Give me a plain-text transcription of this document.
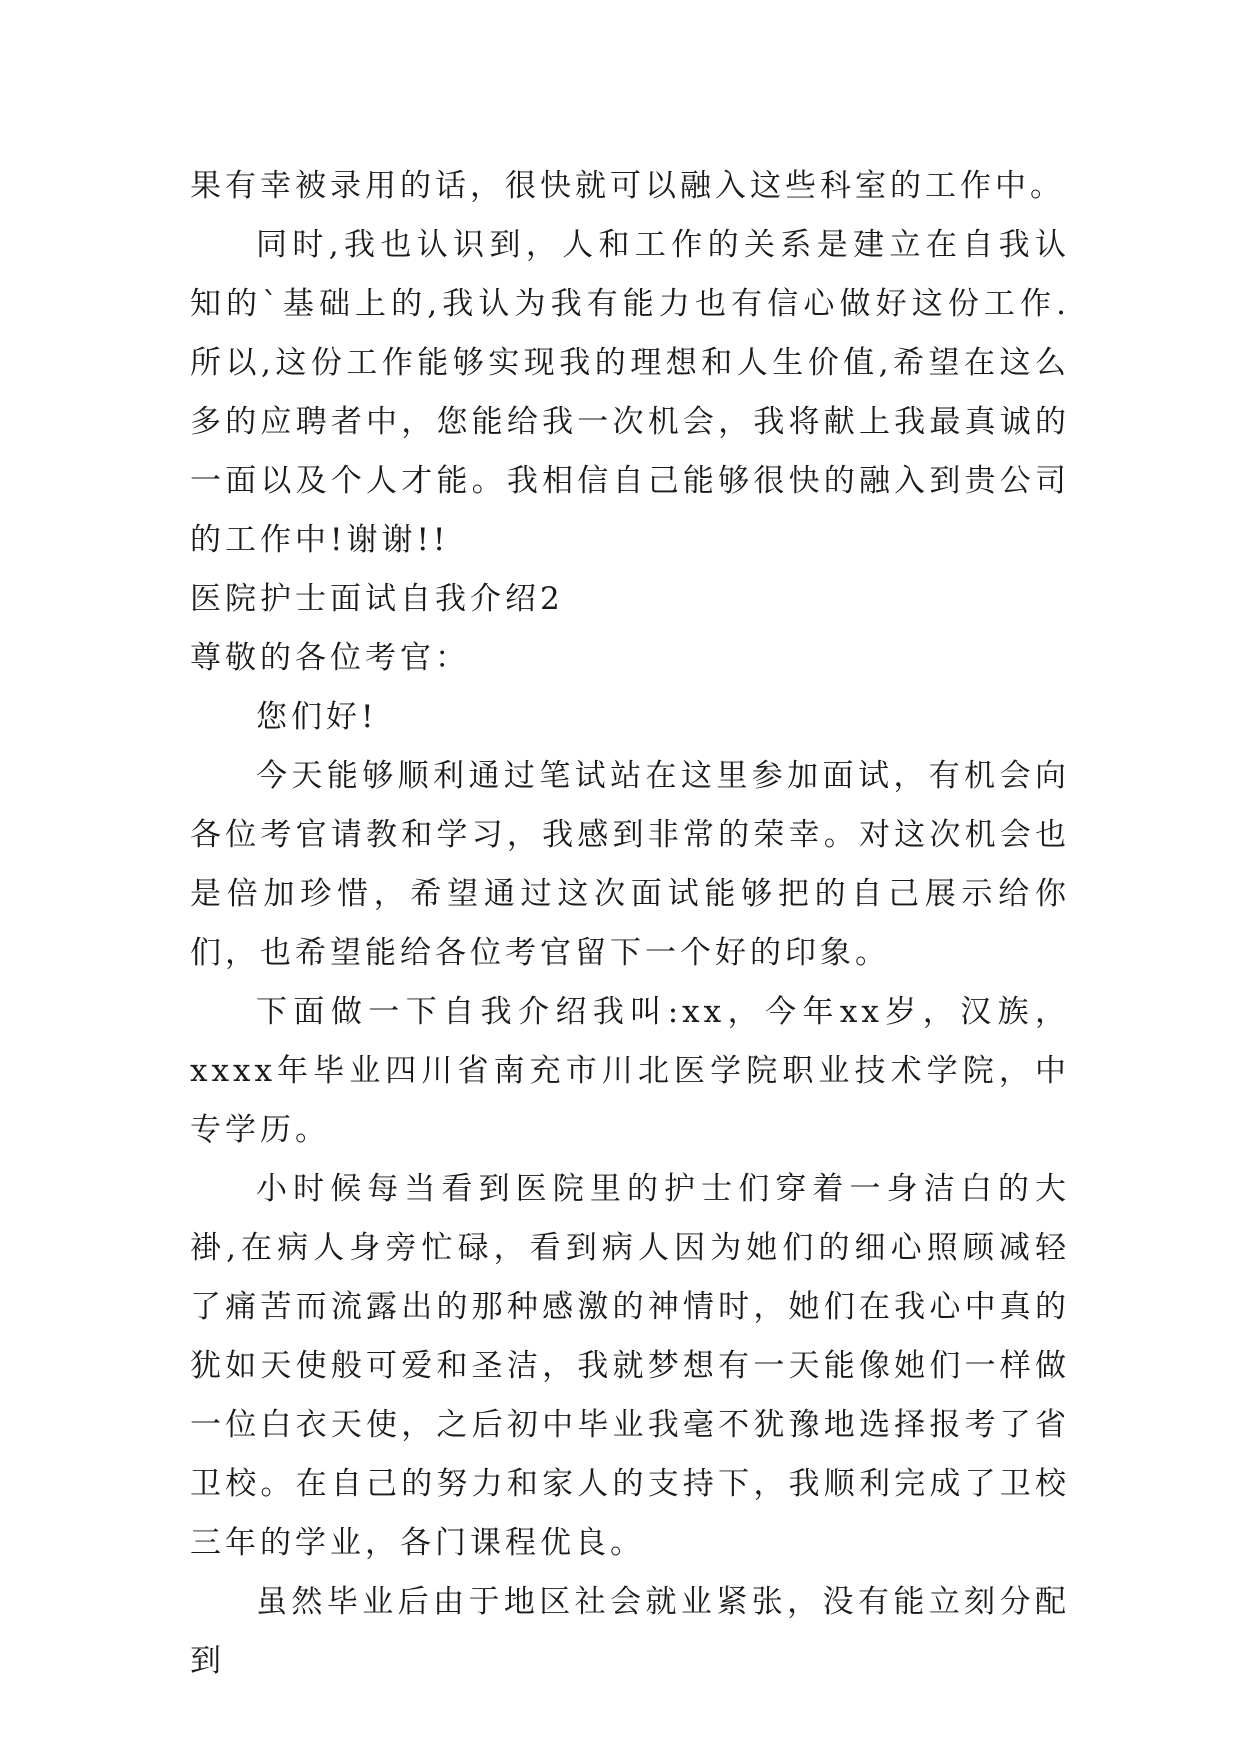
果有幸被录用的话，很快就可以融入这些科室的工作中。

同时,我也认识到，人和工作的关系是建立在自我认知的`基础上的,我认为我有能力也有信心做好这份工作.所以,这份工作能够实现我的理想和人生价值,希望在这么多的应聘者中，您能给我一次机会，我将献上我最真诚的一面以及个人才能。我相信自己能够很快的融入到贵公司的工作中!谢谢!!

医院护士面试自我介绍2

尊敬的各位考官：

您们好!

今天能够顺利通过笔试站在这里参加面试，有机会向各位考官请教和学习，我感到非常的荣幸。对这次机会也是倍加珍惜，希望通过这次面试能够把的自己展示给你们，也希望能给各位考官留下一个好的印象。

下面做一下自我介绍我叫:xx，今年xx岁，汉族，xxxx年毕业四川省南充市川北医学院职业技术学院，中专学历。

小时候每当看到医院里的护士们穿着一身洁白的大褂,在病人身旁忙碌，看到病人因为她们的细心照顾减轻了痛苦而流露出的那种感激的神情时，她们在我心中真的犹如天使般可爱和圣洁，我就梦想有一天能像她们一样做一位白衣天使，之后初中毕业我毫不犹豫地选择报考了省卫校。在自己的努力和家人的支持下，我顺利完成了卫校三年的学业，各门课程优良。

虽然毕业后由于地区社会就业紧张，没有能立刻分配到
